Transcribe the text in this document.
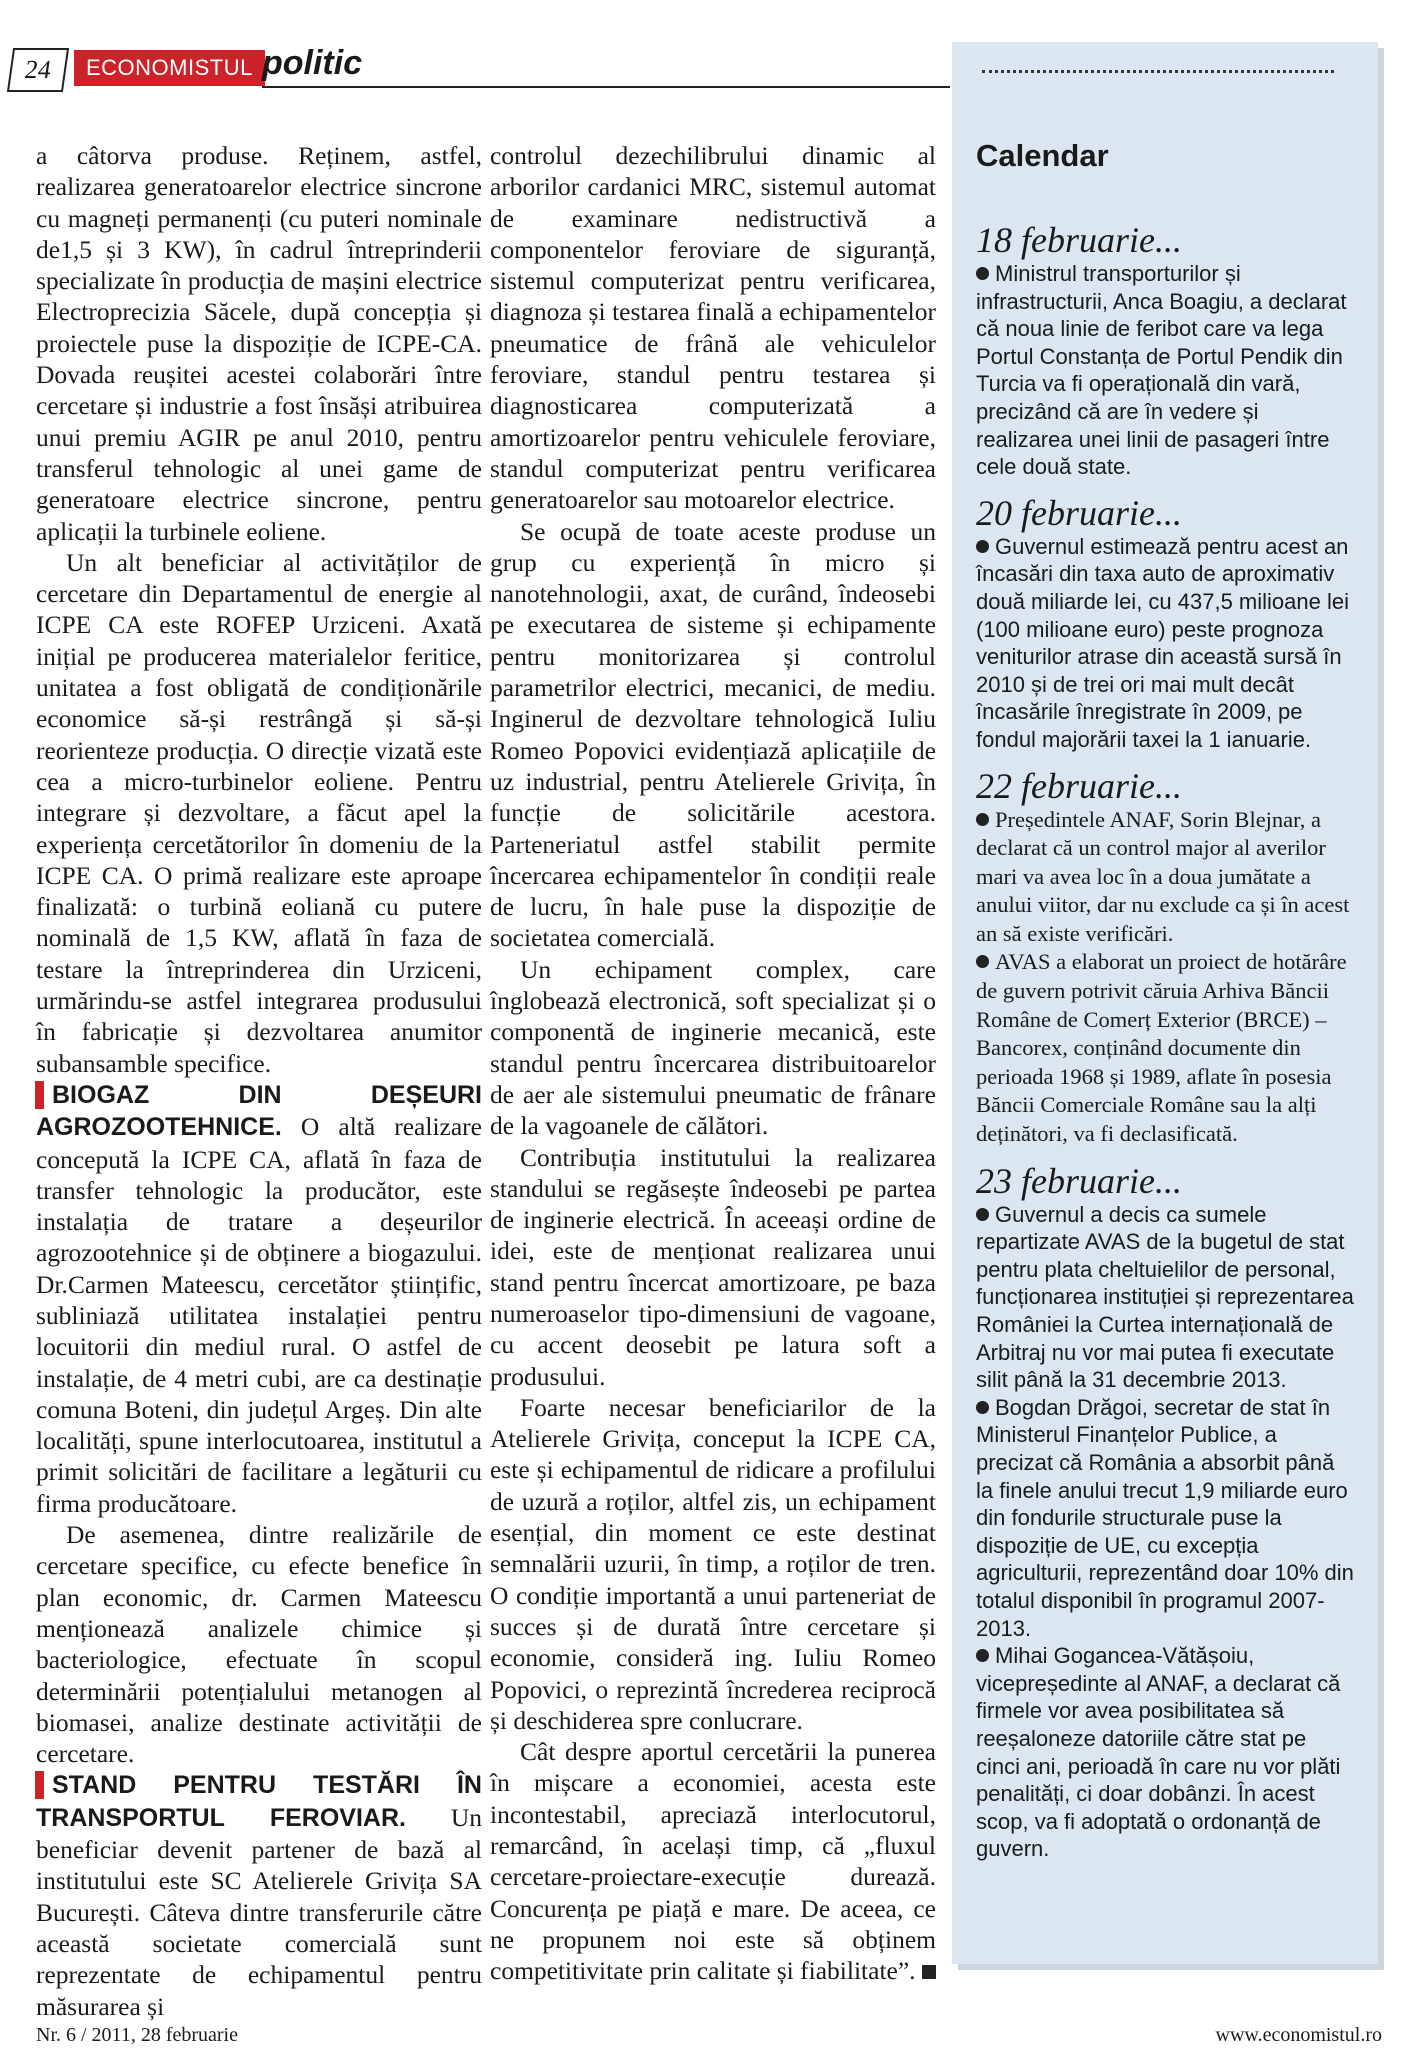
24	ECONOMISTUL politic

a câtorva produse. Reținem, astfel, realizarea generatoarelor electrice sincrone cu magneți permanenți (cu puteri nominale de1,5 și 3 KW), în cadrul întreprinderii specializate în producția de mașini electrice Electroprecizia Săcele, după concepția și proiectele puse la dispoziție de ICPE-CA. Dovada reușitei acestei colaborări între cercetare și industrie a fost însăși atribuirea unui premiu AGIR pe anul 2010, pentru transferul tehnologic al unei game de generatoare electrice sincrone, pentru aplicații la turbinele eoliene.

Un alt beneficiar al activităților de cercetare din Departamentul de energie al ICPE CA este ROFEP Urziceni. Axată inițial pe producerea materialelor feritice, unitatea a fost obligată de condiționările economice să-și restrângă și să-și reorienteze producția. O direcție vizată este cea a micro-turbinelor eoliene. Pentru integrare și dezvoltare, a făcut apel la experiența cercetătorilor în domeniu de la ICPE CA. O primă realizare este aproape finalizată: o turbină eoliană cu putere nominală de 1,5 KW, aflată în faza de testare la întreprinderea din Urziceni, urmărindu-se astfel integrarea produsului în fabricație și dezvoltarea anumitor subansamble specifice.

BIOGAZ DIN DEȘEURI AGROZOOTEHNICE. O altă realizare concepută la ICPE CA, aflată în faza de transfer tehnologic la producător, este instalația de tratare a deșeurilor agrozootehnice și de obținere a biogazului. Dr.Carmen Mateescu, cercetător științific, subliniază utilitatea instalației pentru locuitorii din mediul rural. O astfel de instalație, de 4 metri cubi, are ca destinație comuna Boteni, din județul Argeș. Din alte localități, spune interlocutoarea, institutul a primit solicitări de facilitare a legăturii cu firma producătoare.

De asemenea, dintre realizările de cercetare specifice, cu efecte benefice în plan economic, dr. Carmen Mateescu menționează analizele chimice și bacteriologice, efectuate în scopul determinării potențialului metanogen al biomasei, analize destinate activității de cercetare.

STAND PENTRU TESTĂRI ÎN TRANSPORTUL FEROVIAR. Un beneficiar devenit partener de bază al institutului este SC Atelierele Grivița SA București. Câteva dintre transferurile către această societate comercială sunt reprezentate de echipamentul pentru măsurarea și

controlul dezechilibrului dinamic al arborilor cardanici MRC, sistemul automat de examinare nedistructivă a componentelor feroviare de siguranță, sistemul computerizat pentru verificarea, diagnoza și testarea finală a echipamentelor pneumatice de frână ale vehiculelor feroviare, standul pentru testarea și diagnosticarea computerizată a amortizoarelor pentru vehiculele feroviare, standul computerizat pentru verificarea generatoarelor sau motoarelor electrice.

Se ocupă de toate aceste produse un grup cu experiență în micro și nanotehnologii, axat, de curând, îndeosebi pe executarea de sisteme și echipamente pentru monitorizarea și controlul parametrilor electrici, mecanici, de mediu. Inginerul de dezvoltare tehnologică Iuliu Romeo Popovici evidențiază aplicațiile de uz industrial, pentru Atelierele Grivița, în funcție de solicitările acestora. Parteneriatul astfel stabilit permite încercarea echipamentelor în condiții reale de lucru, în hale puse la dispoziție de societatea comercială.

Un echipament complex, care înglobează electronică, soft specializat și o componentă de inginerie mecanică, este standul pentru încercarea distribuitoarelor de aer ale sistemului pneumatic de frânare de la vagoanele de călători.

Contribuția institutului la realizarea standului se regăsește îndeosebi pe partea de inginerie electrică. În aceeași ordine de idei, este de menționat realizarea unui stand pentru încercat amortizoare, pe baza numeroaselor tipo-dimensiuni de vagoane, cu accent deosebit pe latura soft a produsului.

Foarte necesar beneficiarilor de la Atelierele Grivița, conceput la ICPE CA, este și echipamentul de ridicare a profilului de uzură a roților, altfel zis, un echipament esențial, din moment ce este destinat semnalării uzurii, în timp, a roților de tren. O condiție importantă a unui parteneriat de succes și de durată între cercetare și economie, consideră ing. Iuliu Romeo Popovici, o reprezintă încrederea reciprocă și deschiderea spre conlucrare.

Cât despre aportul cercetării la punerea în mișcare a economiei, acesta este incontestabil, apreciază interlocutorul, remarcând, în același timp, că „fluxul cercetare-proiectare-execuție durează. Concurența pe piață e mare. De aceea, ce ne propunem noi este să obținem competitivitate prin calitate și fiabilitate”.

Calendar

18 februarie...

Ministrul transporturilor și infrastructurii, Anca Boagiu, a declarat că noua linie de feribot care va lega Portul Constanța de Portul Pendik din Turcia va fi operațională din vară, precizând că are în vedere și realizarea unei linii de pasageri între cele două state.

20 februarie...

Guvernul estimează pentru acest an încasări din taxa auto de aproximativ două miliarde lei, cu 437,5 milioane lei (100 milioane euro) peste prognoza veniturilor atrase din această sursă în 2010 și de trei ori mai mult decât încasările înregistrate în 2009, pe fondul majorării taxei la 1 ianuarie.

22 februarie...

Președintele ANAF, Sorin Blejnar, a declarat că un control major al averilor mari va avea loc în a doua jumătate a anului viitor, dar nu exclude ca și în acest an să existe verificări.

AVAS a elaborat un proiect de hotărâre de guvern potrivit căruia Arhiva Băncii Române de Comerț Exterior (BRCE) – Bancorex, conținând documente din perioada 1968 și 1989, aflate în posesia Băncii Comerciale Române sau la alți deținători, va fi declasificată.

23 februarie...

Guvernul a decis ca sumele repartizate AVAS de la bugetul de stat pentru plata cheltuielilor de personal, funcționarea instituției și reprezentarea României la Curtea internațională de Arbitraj nu vor mai putea fi executate silit până la 31 decembrie 2013.

Bogdan Drăgoi, secretar de stat în Ministerul Finanțelor Publice, a precizat că România a absorbit până la finele anului trecut 1,9 miliarde euro din fondurile structurale puse la dispoziție de UE, cu excepția agriculturii, reprezentând doar 10% din totalul disponibil în programul 2007-2013.

Mihai Gogancea-Vătășoiu, vicepreședinte al ANAF, a declarat că firmele vor avea posibilitatea să reeșaloneze datoriile către stat pe cinci ani, perioadă în care nu vor plăti penalități, ci doar dobânzi. În acest scop, va fi adoptată o ordonanță de guvern.

Nr. 6 / 2011, 28 februarie	www.economistul.ro
